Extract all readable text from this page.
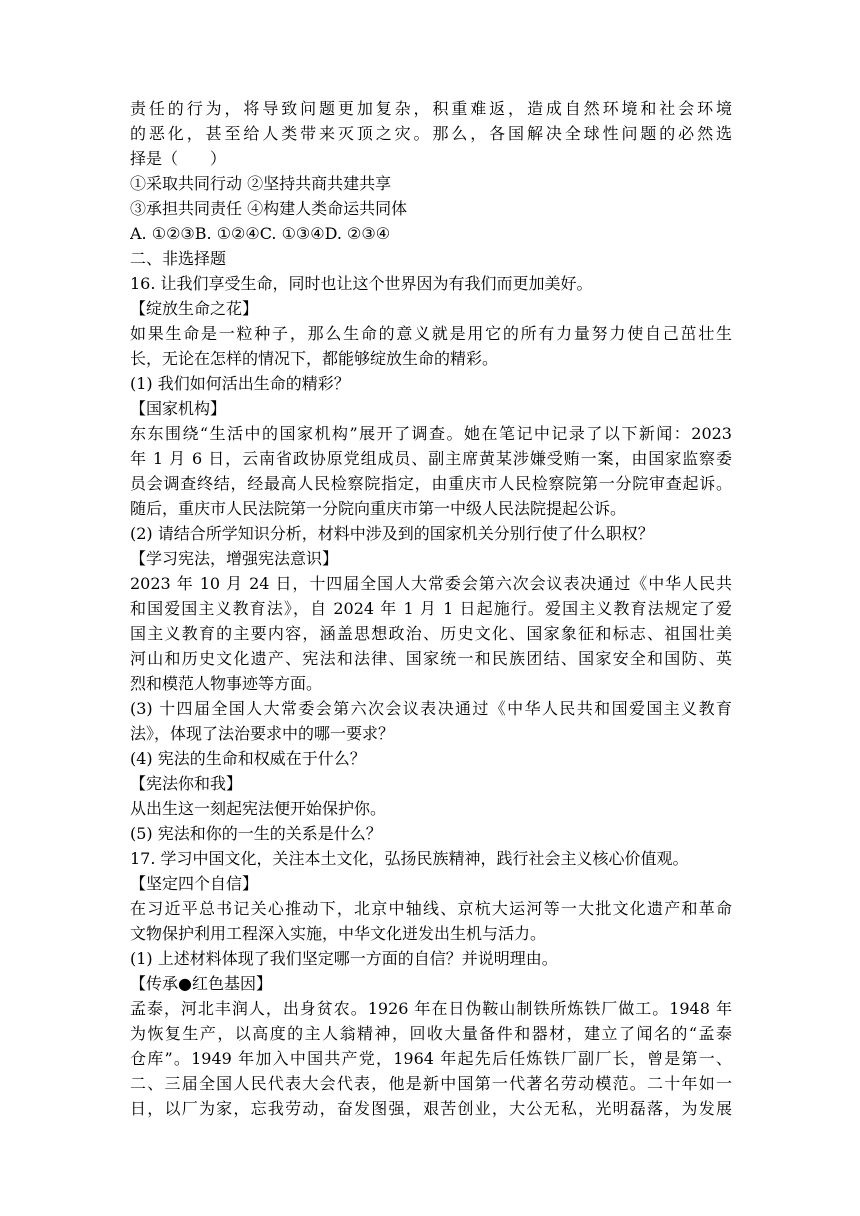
责任的行为，将导致问题更加复杂，积重难返，造成自然环境和社会环境
的恶化，甚至给人类带来灭顶之灾。那么，各国解决全球性问题的必然选
择是（　　）
①采取共同行动 ②坚持共商共建共享
③承担共同责任 ④构建人类命运共同体
A. ①②③B. ①②④C. ①③④D. ②③④
二、非选择题
16. 让我们享受生命，同时也让这个世界因为有我们而更加美好。
【绽放生命之花】
如果生命是一粒种子，那么生命的意义就是用它的所有力量努力使自己茁壮生
长，无论在怎样的情况下，都能够绽放生命的精彩。
(1) 我们如何活出生命的精彩？
【国家机构】
东东围绕“生活中的国家机构”展开了调查。她在笔记中记录了以下新闻：2023
年 1 月 6 日，云南省政协原党组成员、副主席黄某涉嫌受贿一案，由国家监察委
员会调查终结，经最高人民检察院指定，由重庆市人民检察院第一分院审查起诉。
随后，重庆市人民法院第一分院向重庆市第一中级人民法院提起公诉。
(2) 请结合所学知识分析，材料中涉及到的国家机关分别行使了什么职权？
【学习宪法，增强宪法意识】
2023 年 10 月 24 日，十四届全国人大常委会第六次会议表决通过《中华人民共
和国爱国主义教育法》，自 2024 年 1 月 1 日起施行。爱国主义教育法规定了爱
国主义教育的主要内容，涵盖思想政治、历史文化、国家象征和标志、祖国壮美
河山和历史文化遗产、宪法和法律、国家统一和民族团结、国家安全和国防、英
烈和模范人物事迹等方面。
(3) 十四届全国人大常委会第六次会议表决通过《中华人民共和国爱国主义教育
法》，体现了法治要求中的哪一要求？
(4) 宪法的生命和权威在于什么？
【宪法你和我】
从出生这一刻起宪法便开始保护你。
(5) 宪法和你的一生的关系是什么？
17. 学习中国文化，关注本土文化，弘扬民族精神，践行社会主义核心价值观。
【坚定四个自信】
在习近平总书记关心推动下，北京中轴线、京杭大运河等一大批文化遗产和革命
文物保护利用工程深入实施，中华文化迸发出生机与活力。
(1) 上述材料体现了我们坚定哪一方面的自信？并说明理由。
【传承●红色基因】
孟泰，河北丰润人，出身贫农。1926 年在日伪鞍山制铁所炼铁厂做工。1948 年
为恢复生产，以高度的主人翁精神，回收大量备件和器材，建立了闻名的“孟泰
仓库”。1949 年加入中国共产党，1964 年起先后任炼铁厂副厂长，曾是第一、
二、三届全国人民代表大会代表，他是新中国第一代著名劳动模范。二十年如一
日，以厂为家，忘我劳动，奋发图强，艰苦创业，大公无私，光明磊落，为发展
